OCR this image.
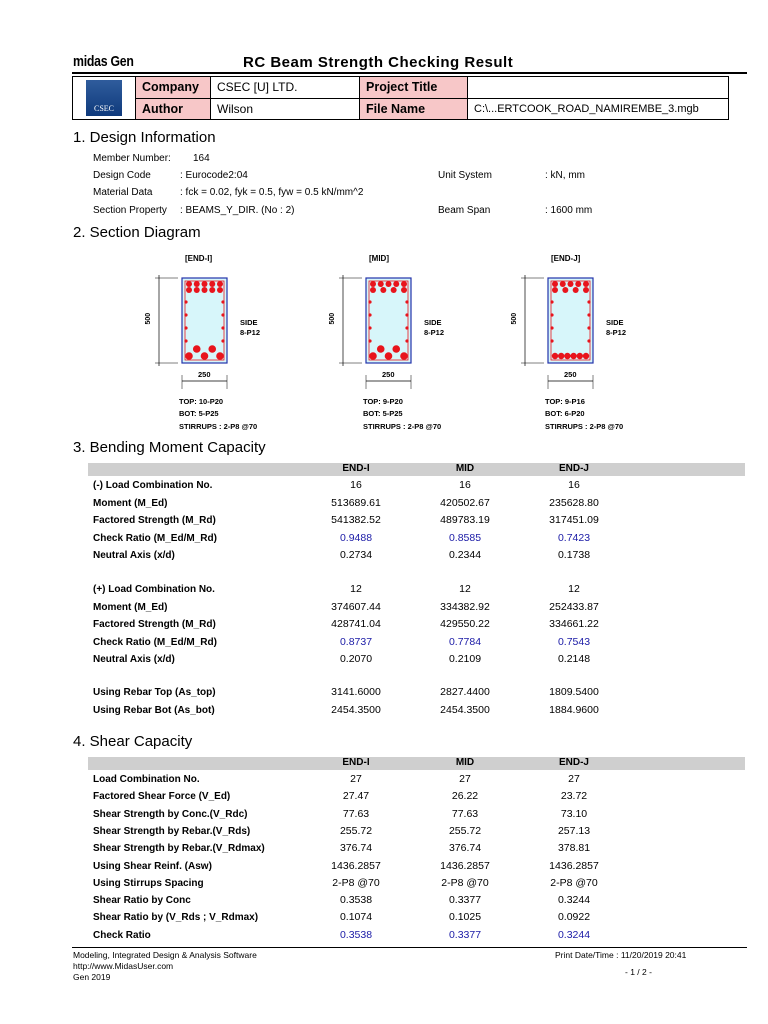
midas Gen	RC Beam Strength Checking Result
CSEC	Company	CSEC [U] LTD.	Project Title	
	Author	Wilson	File Name	C:\...ERTCOOK_ROAD_NAMIREMBE_3.mgb
1. Design Information
Member Number: 164
Design Code	: Eurocode2:04
Material Data	: fck = 0.02, fyk = 0.5, fyw = 0.5 kN/mm^2
Section Property : BEAMS_Y_DIR. (No : 2)
Unit System	: kN, mm
Beam Span	: 1600 mm
2. Section Diagram
[END-I]
500
250
SIDE
8-P12
TOP: 10-P20
BOT: 5-P25
STIRRUPS : 2-P8 @70
[MID]
500
250
SIDE
8-P12
TOP: 9-P20
BOT: 5-P25
STIRRUPS : 2-P8 @70
[END-J]
500
250
SIDE
8-P12
TOP: 9-P16
BOT: 6-P20
STIRRUPS : 2-P8 @70
3. Bending Moment Capacity
END-I	MID	END-J
(-) Load Combination No.	16	16	16
Moment (M_Ed)	513689.61	420502.67	235628.80
Factored Strength (M_Rd)	541382.52	489783.19	317451.09
Check Ratio (M_Ed/M_Rd)	0.9488	0.8585	0.7423
Neutral Axis (x/d)	0.2734	0.2344	0.1738
(+) Load Combination No.	12	12	12
Moment (M_Ed)	374607.44	334382.92	252433.87
Factored Strength (M_Rd)	428741.04	429550.22	334661.22
Check Ratio (M_Ed/M_Rd)	0.8737	0.7784	0.7543
Neutral Axis (x/d)	0.2070	0.2109	0.2148
Using Rebar Top (As_top)	3141.6000	2827.4400	1809.5400
Using Rebar Bot (As_bot)	2454.3500	2454.3500	1884.9600
4. Shear Capacity
END-I	MID	END-J
Load Combination No.	27	27	27
Factored Shear Force (V_Ed)	27.47	26.22	23.72
Shear Strength by Conc.(V_Rdc)	77.63	77.63	73.10
Shear Strength by Rebar.(V_Rds)	255.72	255.72	257.13
Shear Strength by Rebar.(V_Rdmax)	376.74	376.74	378.81
Using Shear Reinf. (Asw)	1436.2857	1436.2857	1436.2857
Using Stirrups Spacing	2-P8 @70	2-P8 @70	2-P8 @70
Shear Ratio by Conc	0.3538	0.3377	0.3244
Shear Ratio by (V_Rds ; V_Rdmax)	0.1074	0.1025	0.0922
Check Ratio	0.3538	0.3377	0.3244
Modeling, Integrated Design & Analysis Software
http://www.MidasUser.com
Gen 2019
Print Date/Time : 11/20/2019 20:41
- 1 / 2 -
